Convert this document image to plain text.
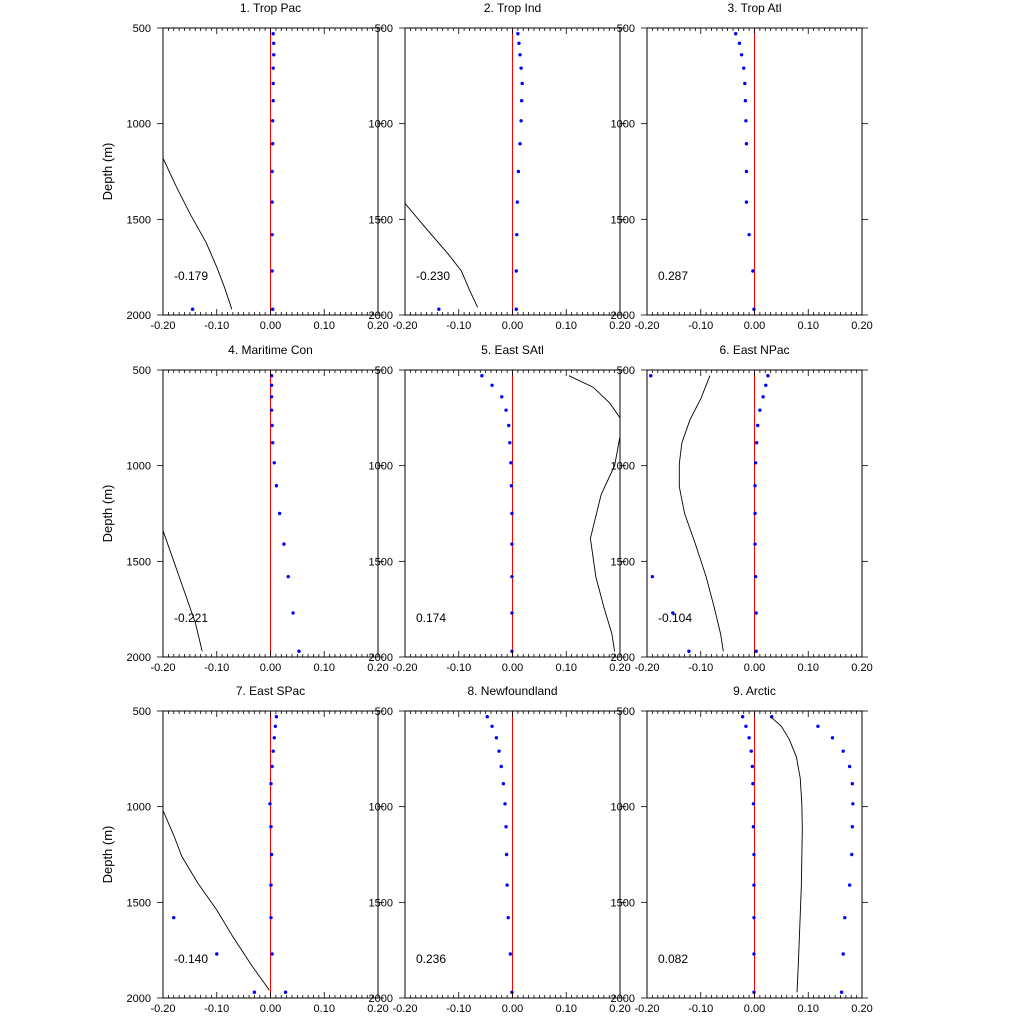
-0.20	-0.10	0.00	0.10	0.20
500
1000
1500
2000
1. Trop Pac
-0.179
Depth (m)
-0.20	-0.10	0.00	0.10	0.20
500
1000
1500
2000
2. Trop Ind
-0.230
-0.20	-0.10	0.00	0.10	0.20
500
1000
1500
2000
3. Trop Atl
0.287
-0.20	-0.10	0.00	0.10	0.20
500
1000
1500
2000
4. Maritime Con
-0.221
Depth (m)
-0.20	-0.10	0.00	0.10	0.20
500
1000
1500
2000
5. East SAtl
0.174
-0.20	-0.10	0.00	0.10	0.20
500
1000
1500
2000
6. East NPac
-0.104
-0.20	-0.10	0.00	0.10	0.20
500
1000
1500
2000
7. East SPac
-0.140
Depth (m)
-0.20	-0.10	0.00	0.10	0.20
500
1000
1500
2000
8. Newfoundland
0.236
-0.20	-0.10	0.00	0.10	0.20
500
1000
1500
2000
9. Arctic
0.082
